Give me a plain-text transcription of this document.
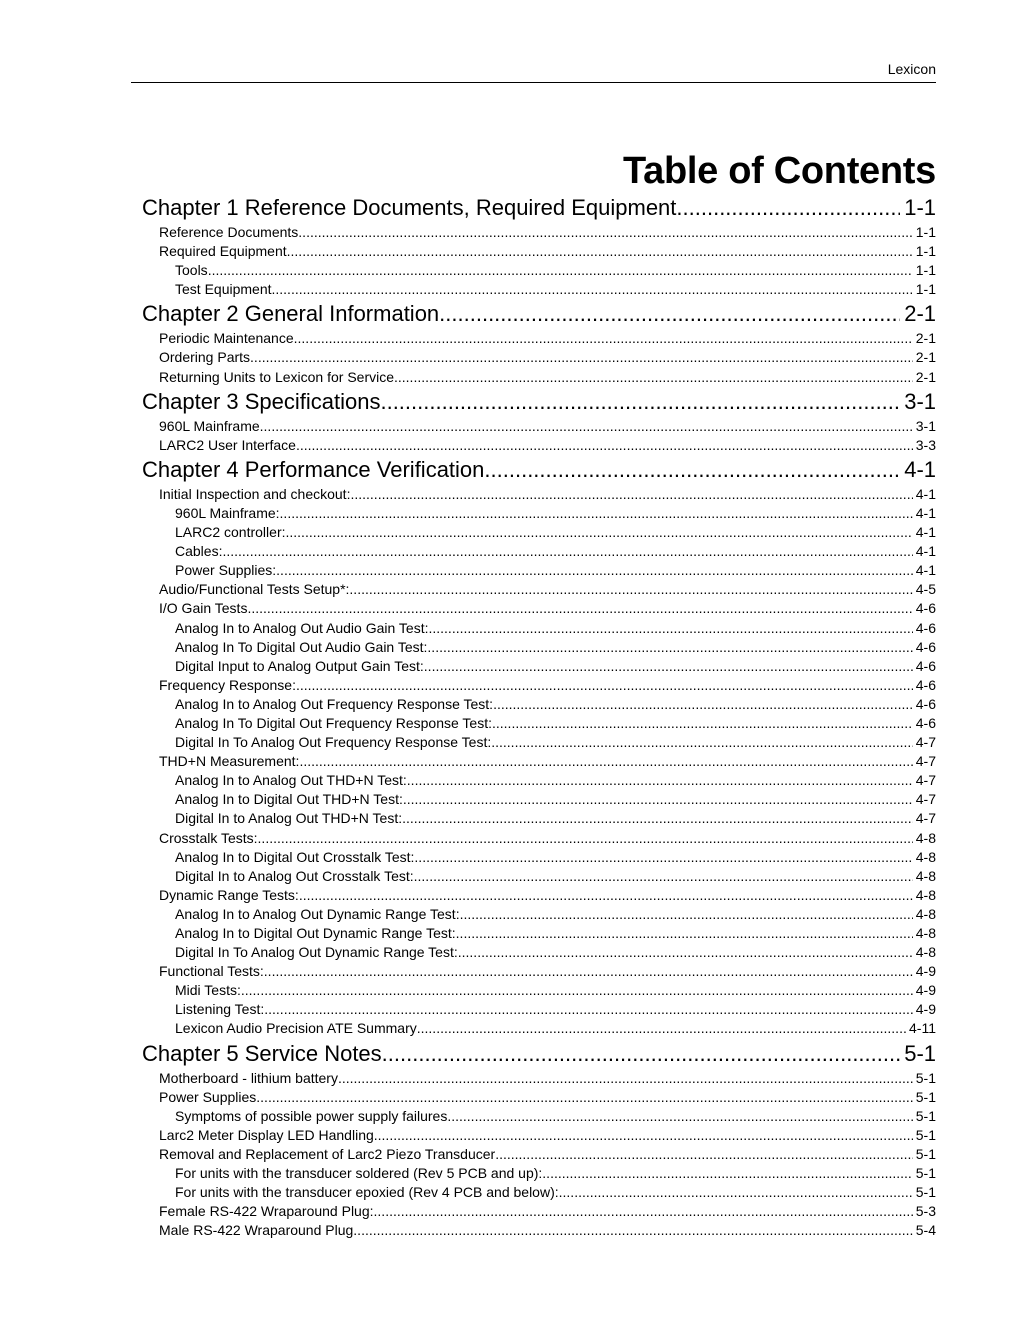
Lexicon
Table of Contents
Chapter 1 Reference Documents, Required Equipment .....	1-1
Reference Documents .....	1-1
Required Equipment .....	1-1
Tools .....	1-1
Test Equipment .....	1-1
Chapter 2 General Information .....	2-1
Periodic Maintenance .....	2-1
Ordering Parts .....	2-1
Returning Units to Lexicon for Service .....	2-1
Chapter 3 Specifications .....	3-1
960L Mainframe .....	3-1
LARC2 User Interface .....	3-3
Chapter 4 Performance Verification .....	4-1
Initial Inspection and checkout: .....	4-1
960L Mainframe: .....	4-1
LARC2 controller: .....	4-1
Cables: .....	4-1
Power Supplies: .....	4-1
Audio/Functional Tests Setup*: .....	4-5
I/O Gain Tests .....	4-6
Analog In to Analog Out Audio Gain Test: .....	4-6
Analog In To Digital Out Audio Gain Test: .....	4-6
Digital Input to Analog Output Gain Test: .....	4-6
Frequency Response: .....	4-6
Analog In to Analog Out Frequency Response Test: .....	4-6
Analog In To Digital Out Frequency Response Test: .....	4-6
Digital In To Analog Out Frequency Response Test: .....	4-7
THD+N Measurement: .....	4-7
Analog In to Analog Out THD+N Test: .....	4-7
Analog In to Digital Out THD+N Test: .....	4-7
Digital In to Analog Out THD+N Test: .....	4-7
Crosstalk Tests: .....	4-8
Analog In to Digital Out Crosstalk Test: .....	4-8
Digital In to Analog Out Crosstalk Test: .....	4-8
Dynamic Range Tests: .....	4-8
Analog In to Analog Out Dynamic Range Test: .....	4-8
Analog In to Digital Out Dynamic Range Test: .....	4-8
Digital In To Analog Out Dynamic Range Test: .....	4-8
Functional Tests: .....	4-9
Midi Tests: .....	4-9
Listening Test: .....	4-9
Lexicon Audio Precision ATE Summary .....	4-11
Chapter 5 Service Notes .....	5-1
Motherboard - lithium battery .....	5-1
Power Supplies .....	5-1
Symptoms of possible power supply failures .....	5-1
Larc2 Meter Display LED Handling .....	5-1
Removal and Replacement of Larc2 Piezo Transducer .....	5-1
For units with the transducer soldered (Rev 5 PCB and up): .....	5-1
For units with the transducer epoxied (Rev 4 PCB and below): .....	5-1
Female RS-422 Wraparound Plug: .....	5-3
Male RS-422 Wraparound Plug .....	5-4
